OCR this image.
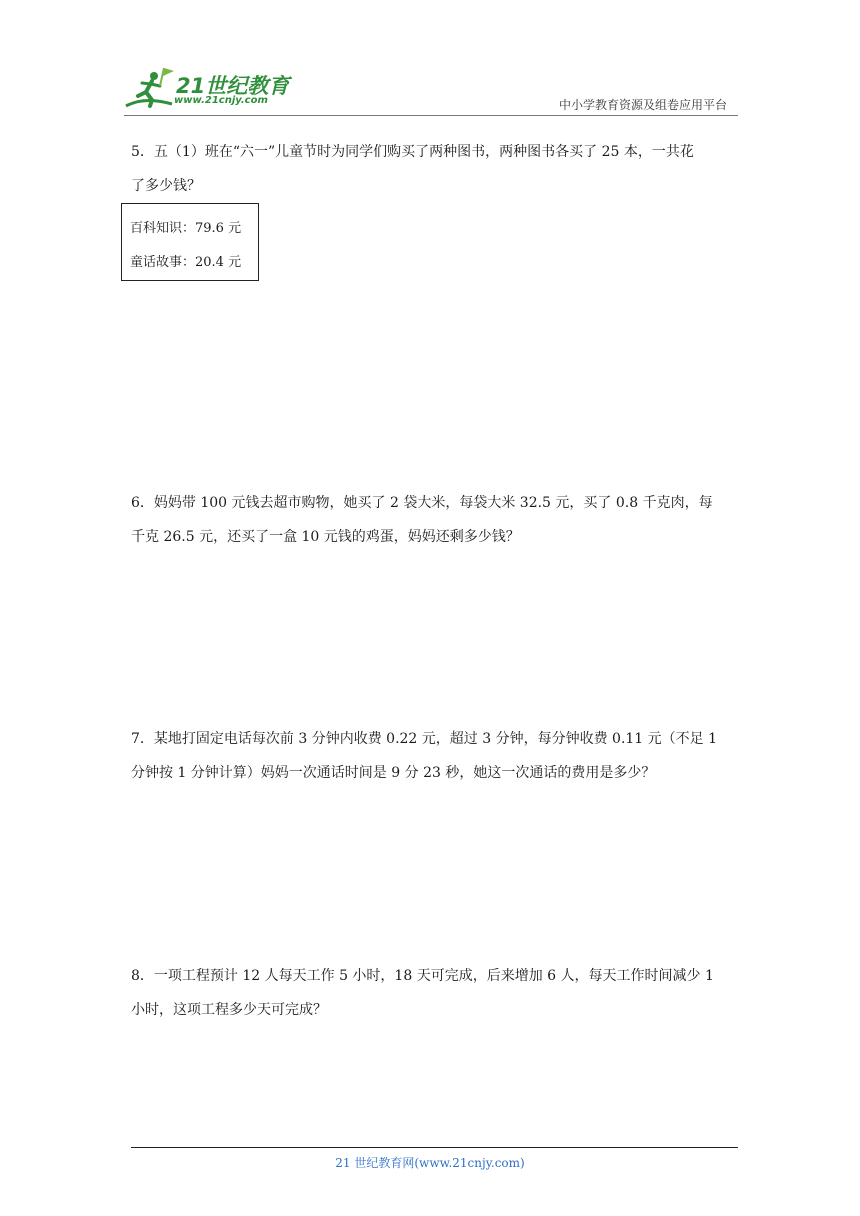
21世纪教育
www.21cnjy.com	中小学教育资源及组卷应用平台
5．五（1）班在“六一”儿童节时为同学们购买了两种图书，两种图书各买了 25 本，一共花
了多少钱？
百科知识：79.6 元
童话故事：20.4 元
6．妈妈带 100 元钱去超市购物，她买了 2 袋大米，每袋大米 32.5 元，买了 0.8 千克肉，每
千克 26.5 元，还买了一盒 10 元钱的鸡蛋，妈妈还剩多少钱？
7．某地打固定电话每次前 3 分钟内收费 0.22 元，超过 3 分钟，每分钟收费 0.11 元（不足 1
分钟按 1 分钟计算）妈妈一次通话时间是 9 分 23 秒，她这一次通话的费用是多少？
8．一项工程预计 12 人每天工作 5 小时，18 天可完成，后来增加 6 人，每天工作时间减少 1
小时，这项工程多少天可完成？
21 世纪教育网(www.21cnjy.com)
